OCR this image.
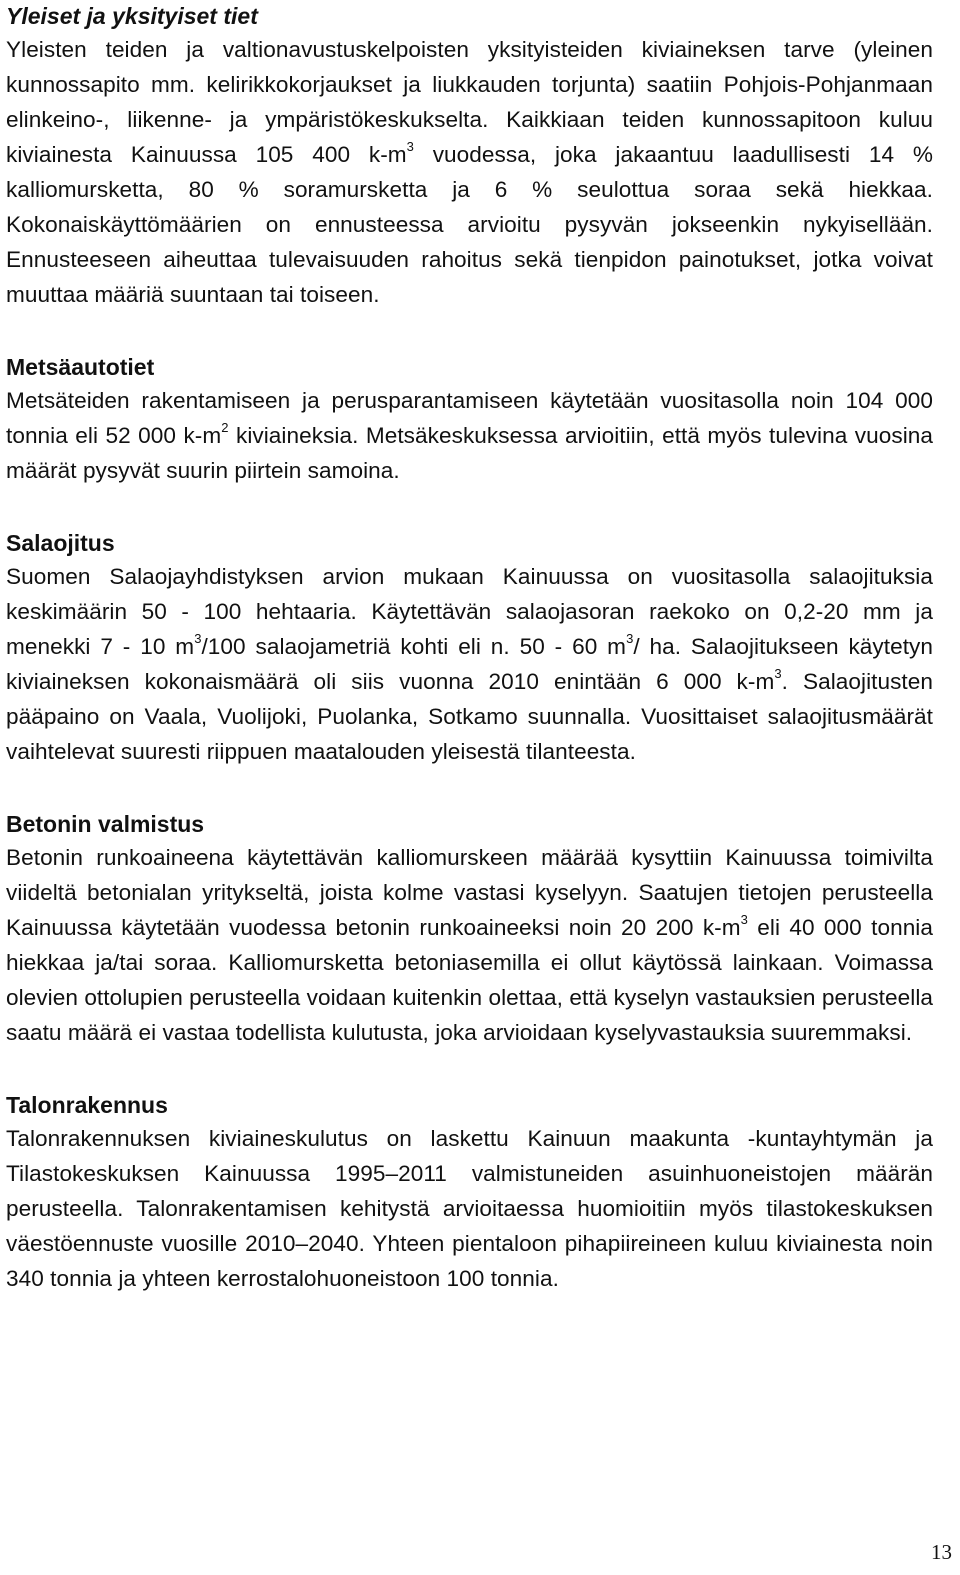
Yleiset ja yksityiset tiet

Yleisten teiden ja valtionavustuskelpoisten yksityisteiden kiviaineksen tarve (yleinen kunnossapito mm. kelirikkokorjaukset ja liukkauden torjunta) saatiin Pohjois-Pohjanmaan elinkeino-, liikenne- ja ympäristökeskukselta. Kaikkiaan teiden kunnossapitoon kuluu kiviainesta Kainuussa 105 400 $k-m^3$ vuodessa, joka jakaantuu laadullisesti 14 % kalliomursketta, 80 % soramursketta ja 6 % seulottua soraa sekä hiekkaa. Kokonaiskäyttömäärien on ennusteessa arvioitu pysyvän jokseenkin nykyisellään. Ennusteeseen aiheuttaa tulevaisuuden rahoitus sekä tienpidon painotukset, jotka voivat muuttaa määriä suuntaan tai toiseen.

Metsäautotiet

Metsäteiden rakentamiseen ja perusparantamiseen käytetään vuositasolla noin 104 000 tonnia eli 52 000 $k-m^2$ kiviaineksia. Metsäkeskuksessa arvioitiin, että myös tulevina vuosina määrät pysyvät suurin piirtein samoina.

Salaojitus

Suomen Salaojayhdistyksen arvion mukaan Kainuussa on vuositasolla salaojituksia keskimäärin 50 - 100 hehtaaria. Käytettävän salaojasoran raekoko on 0,2-20 mm ja menekki 7 - 10 $m^3/100$ salaojametriä kohti eli n. 50 - 60 $m^3/$ ha. Salaojitukseen käytetyn kiviaineksen kokonaismäärä oli siis vuonna 2010 enintään 6 000 $k-m^3$. Salaojitusten pääpaino on Vaala, Vuolijoki, Puolanka, Sotkamo suunnalla. Vuosittaiset salaojitusmäärät vaihtelevat suuresti riippuen maatalouden yleisestä tilanteesta.

Betonin valmistus

Betonin runkoaineena käytettävän kalliomurskeen määrää kysyttiin Kainuussa toimivilta viideltä betonialan yritykseltä, joista kolme vastasi kyselyyn. Saatujen tietojen perusteella Kainuussa käytetään vuodessa betonin runkoaineeksi noin 20 200 $k-m^3$ eli 40 000 tonnia hiekkaa ja/tai soraa. Kalliomursketta betoniasemilla ei ollut käytössä lainkaan. Voimassa olevien ottolupien perusteella voidaan kuitenkin olettaa, että kyselyn vastauksien perusteella saatu määrä ei vastaa todellista kulutusta, joka arvioidaan kyselyvastauksia suuremmaksi.

Talonrakennus

Talonrakennuksen kiviaineskulutus on laskettu Kainuun maakunta -kuntayhtymän ja Tilastokeskuksen Kainuussa 1995–2011 valmistuneiden asuinhuoneistojen määrän perusteella. Talonrakentamisen kehitystä arvioitaessa huomioitiin myös tilastokeskuksen väestöennuste vuosille 2010–2040. Yhteen pientaloon pihapiireineen kuluu kiviainesta noin 340 tonnia ja yhteen kerrostalohuoneistoon 100 tonnia.

13
